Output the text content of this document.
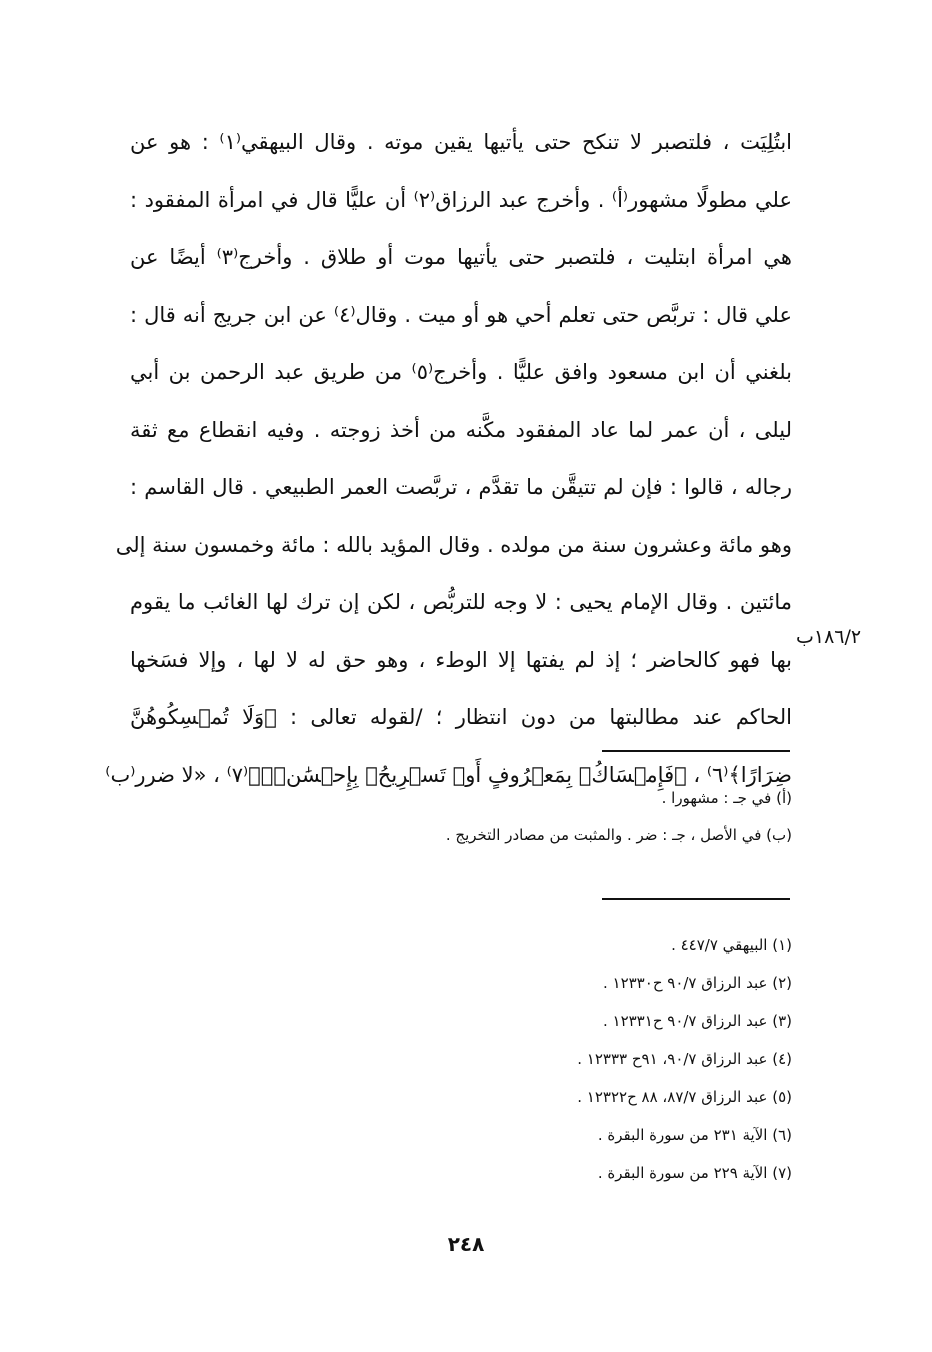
ابتُلِيَت ، فلتصبر لا تنكح حتى يأتيها يقين موته . وقال البيهقي⁽١⁾ : هو عن
علي مطولًا مشهور⁽أ⁾ . وأخرج عبد الرزاق⁽٢⁾ أن عليًّا قال في امرأة المفقود :
هي امرأة ابتليت ، فلتصبر حتى يأتيها موت أو طلاق . وأخرج⁽٣⁾ أيضًا عن
علي قال : تربَّص حتى تعلم أحي هو أو ميت . وقال⁽٤⁾ عن ابن جريج أنه قال :
بلغني أن ابن مسعود وافق عليًّا . وأخرج⁽٥⁾ من طريق عبد الرحمن بن أبي
ليلى ، أن عمر لما عاد المفقود مكَّنه من أخذ زوجته . وفيه انقطاع مع ثقة
رجاله ، قالوا : فإن لم تتيقَّن ما تقدَّم ، تربَّصت العمر الطبيعي . قال القاسم :
وهو مائة وعشرون سنة من مولده . وقال المؤيد بالله : مائة وخمسون سنة إلى
مائتين . وقال الإمام يحيى : لا وجه للتربُّص ، لكن إن ترك لها الغائب ما يقوم
بها فهو كالحاضر ؛ إذ لم يفتها إلا الوطء ، وهو حق له لا لها ، وإلا فسَخها
الحاكم عند مطالبتها من دون انتظار ؛ /لقوله تعالى : ﴿وَلَا تُمۡسِكُوهُنَّ
ضِرَارًا﴾⁽٦⁾ ، ﴿فَإِمۡسَاكُۢ بِمَعۡرُوفٍ أَوۡ تَسۡرِيحُۢ بِإِحۡسَٰنٖۗ﴾⁽٧⁾ ، «لا ضرر⁽ب⁾
١٨٦/٢ب
(أ) في جـ : مشهورا .
(ب) في الأصل ، جـ : ضر . والمثبت من مصادر التخريج .
(١) البيهقي ٤٤٧/٧ .
(٢) عبد الرزاق ٩٠/٧ ح١٢٣٣٠ .
(٣) عبد الرزاق ٩٠/٧ ح١٢٣٣١ .
(٤) عبد الرزاق ٩٠/٧، ٩١ح ١٢٣٣٣ .
(٥) عبد الرزاق ٨٧/٧، ٨٨ ح١٢٣٢٢ .
(٦) الآية ٢٣١ من سورة البقرة .
(٧) الآية ٢٢٩ من سورة البقرة .
٢٤٨
